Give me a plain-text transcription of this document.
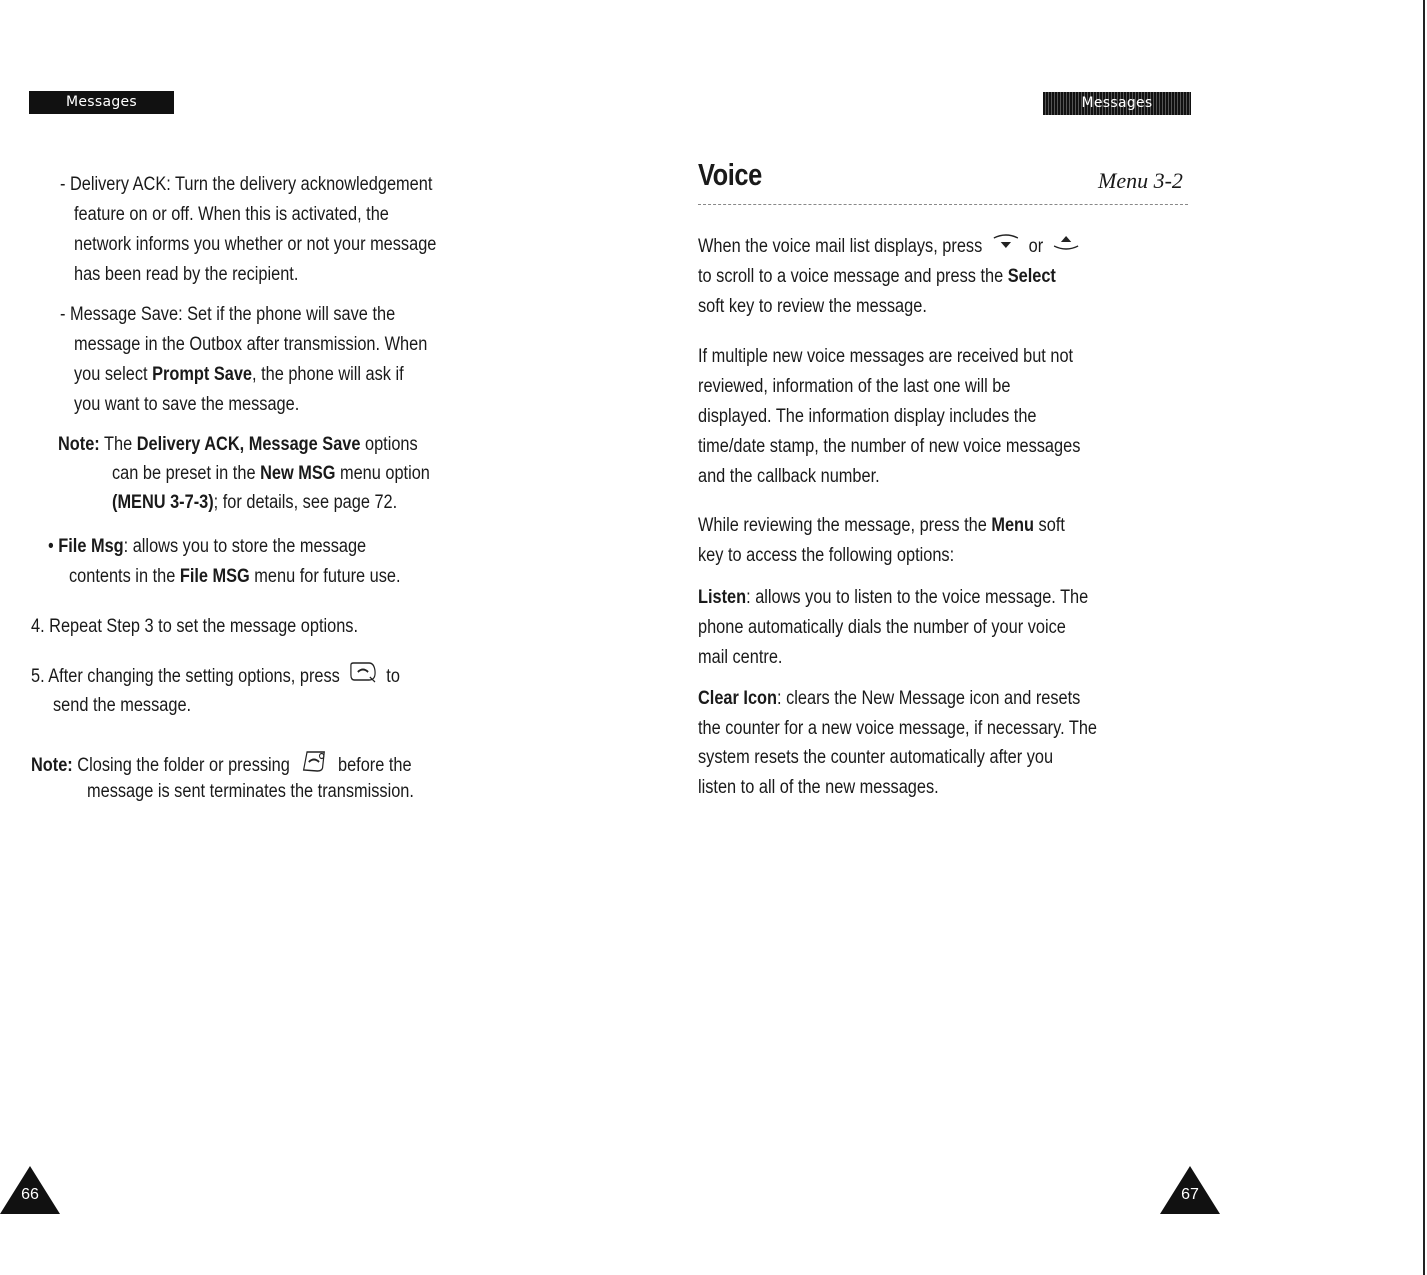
Messages	Messages

- Delivery ACK: Turn the delivery acknowledgement

feature on or off. When this is activated, the

network informs you whether or not your message

has been read by the recipient.

- Message Save: Set if the phone will save the

message in the Outbox after transmission. When

you select Prompt Save, the phone will ask if

you want to save the message.

Note: The Delivery ACK, Message Save options

can be preset in the New MSG menu option

(MENU 3-7-3); for details, see page 72.

• File Msg: allows you to store the message

contents in the File MSG menu for future use.

4. Repeat Step 3 to set the message options.

5. After changing the setting options, press to

send the message.

Note: Closing the folder or pressing	before the

message is sent terminates the transmission.

66
Voice	Menu 3-2

When the voice mail list displays, press or

to scroll to a voice message and press the Select

soft key to review the message.

If multiple new voice messages are received but not

reviewed, information of the last one will be

displayed. The information display includes the

time/date stamp, the number of new voice messages

and the callback number.

While reviewing the message, press the Menu soft

key to access the following options:

Listen: allows you to listen to the voice message. The

phone automatically dials the number of your voice

mail centre.

Clear Icon: clears the New Message icon and resets

the counter for a new voice message, if necessary. The

system resets the counter automatically after you

listen to all of the new messages.

67
